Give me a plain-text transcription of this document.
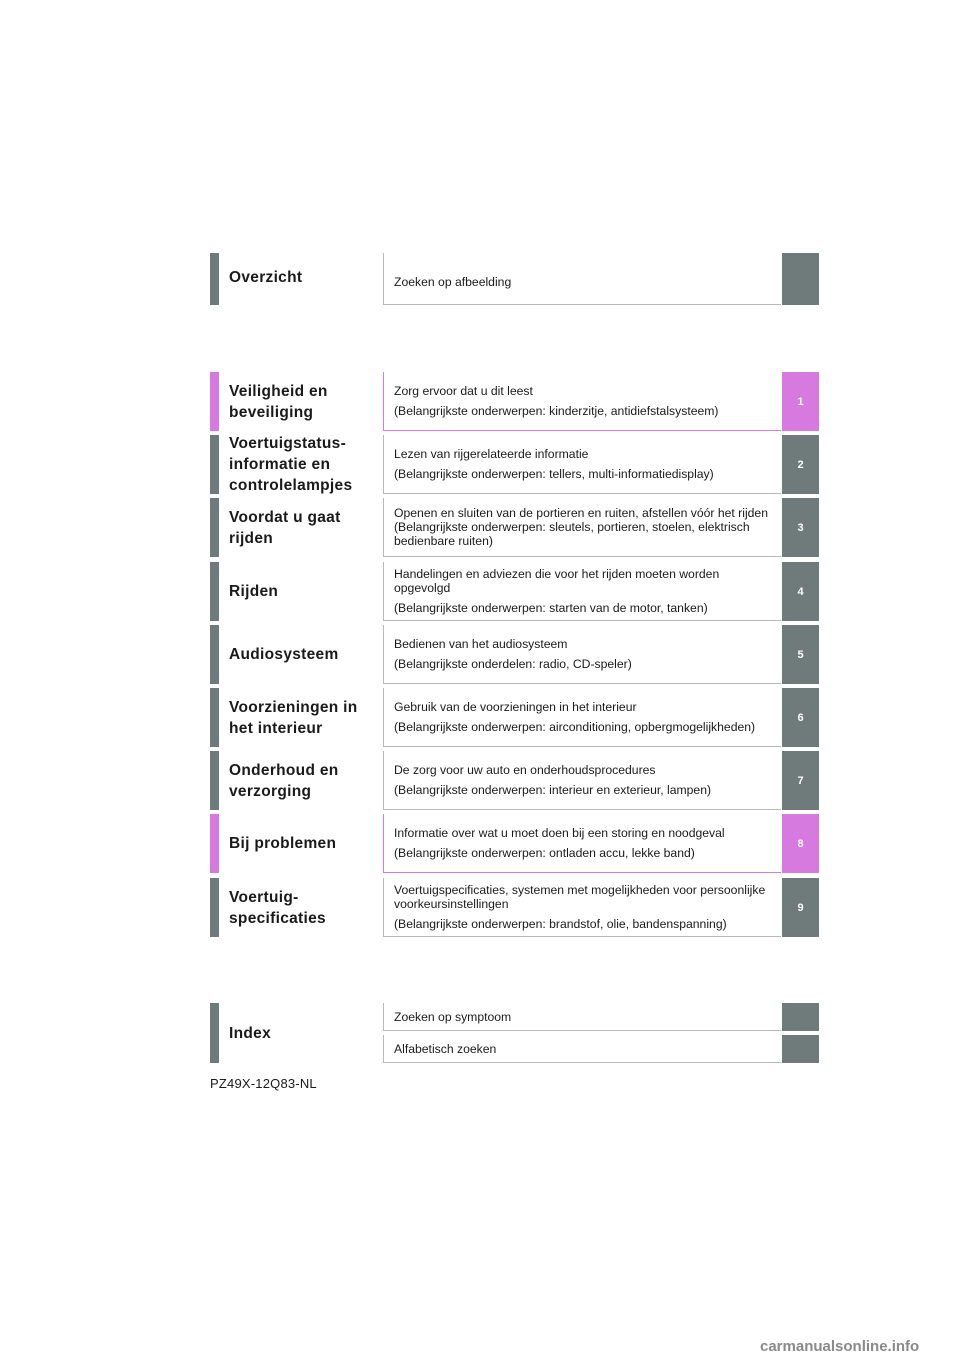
Overzicht	Zoeken op afbeelding

Veiligheid en
beveiliging

Zorg ervoor dat u dit leest

(Belangrijkste onderwerpen: kinderzitje, antidiefstalsysteem)

1
Voertuigstatus-
informatie en
controlelampjes

Lezen van rijgerelateerde informatie

(Belangrijkste onderwerpen: tellers, multi-informatiedisplay)

2
Voordat u gaat
rijden

Openen en sluiten van de portieren en ruiten, afstellen vóór het rijden (Belangrijkste onderwerpen: sleutels, portieren, stoelen, elektrisch bedienbare ruiten)

3
Rijden

Handelingen en adviezen die voor het rijden moeten worden opgevolgd

(Belangrijkste onderwerpen: starten van de motor, tanken)

4
Audiosysteem

Bedienen van het audiosysteem

(Belangrijkste onderdelen: radio, CD-speler)

5
Voorzieningen in
het interieur

Gebruik van de voorzieningen in het interieur

(Belangrijkste onderwerpen: airconditioning, opbergmogelijkheden)

6
Onderhoud en
verzorging

De zorg voor uw auto en onderhoudsprocedures

(Belangrijkste onderwerpen: interieur en exterieur, lampen)

7
Bij problemen

Informatie over wat u moet doen bij een storing en noodgeval

(Belangrijkste onderwerpen: ontladen accu, lekke band)

8
Voertuig-
specificaties

Voertuigspecificaties, systemen met mogelijkheden voor persoonlijke voorkeursinstellingen

(Belangrijkste onderwerpen: brandstof, olie, bandenspanning)

9
Index

Zoeken op symptoom

Alfabetisch zoeken

PZ49X-12Q83-NL
carmanualsonline.info
